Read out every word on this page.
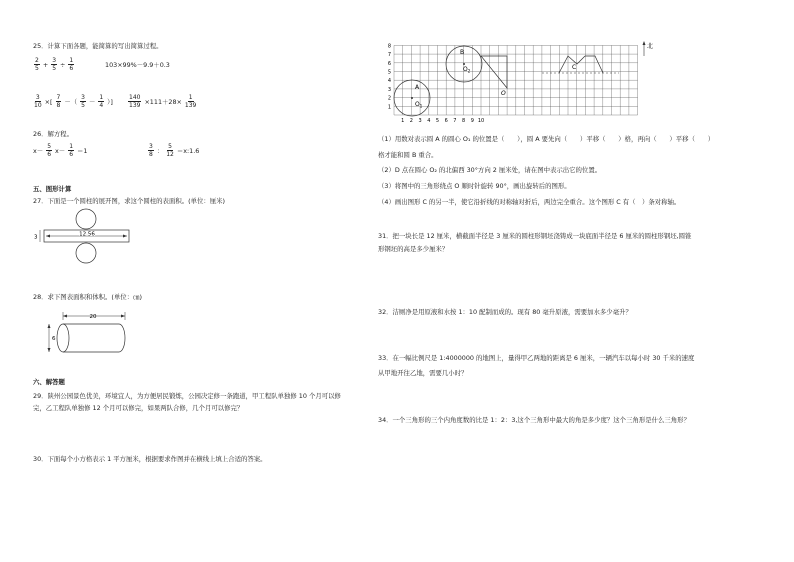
25．计算下面各题，能简算的写出简算过程。
$\frac{2}{5} + \frac{3}{5} \div \frac{1}{6}$	103×99%－9.9＋0.3
$\frac{3}{10}$ ×[ $\frac{7}{8}$ －（ $\frac{3}{5} - \frac{1}{4}$ ）]	$\frac{140}{139} \times 111+28\times \frac{1}{139}$
26．解方程。
$x- \frac{5}{6} x- \frac{1}{6} =1$	$\frac{3}{8}$ ： $\frac{5}{12}$ ＝x:1.6
五、图形计算
27．下面是一个圆柱的展开图，求这个圆柱的表面积。(单位：厘米)
12.56
3
28．求下图表面积和体积。(单位：㎝)
20
6
六、解答题
29．陕州公园景色优美，环境宜人，为方便居民锻炼，公园决定修一条跑道，甲工程队单独修 10 个月可以修
完，乙工程队单独修 12 个月可以修完，如果两队合修，几个月可以修完？
30．下面每个小方格表示 1 平方厘米，根据要求作图并在横线上填上合适的答案。
1 2 3 4 5 6 7 8 9 10
1
2
3
4
5
6
7
8	北
A
$O_1$
B
$O_2$
O
C
（1）用数对表示圆 A 的圆心 O₁ 的位置是（　　），圆 A 要先向（　　）平移（　　）格，再向（　　）平移（　　）
格才能和圆 B 重合。
（2）D 点在圆心 O₂ 的北偏西 30°方向 2 厘米处，请在图中表示出它的位置。
（3）将图中的三角形绕点 O 顺时针旋转 90°，画出旋转后的图形。
（4）画出图形 C 的另一半，使它沿折线的对称轴对折后，两边完全重合。这个图形 C 有（　）条对称轴。
31．把一块长是 12 厘米，横截面半径是 3 厘米的圆柱形钢坯浇铸成一块底面半径是 6 厘米的圆柱形钢坯,圆锥
形钢坯的高是多少厘米？
32．洁厕净是用原液和水按 1：10 配制而成的。现有 80 毫升原液，需要加水多少毫升？
33．在一幅比例尺是 1:4000000 的地图上，量得甲乙两地的距离是 6 厘米，一辆汽车以每小时 30 千米的速度
从甲地开往乙地，需要几小时？
34．一个三角形的三个内角度数的比是 1：2：3,这个三角形中最大的角是多少度？这个三角形是什么三角形？
